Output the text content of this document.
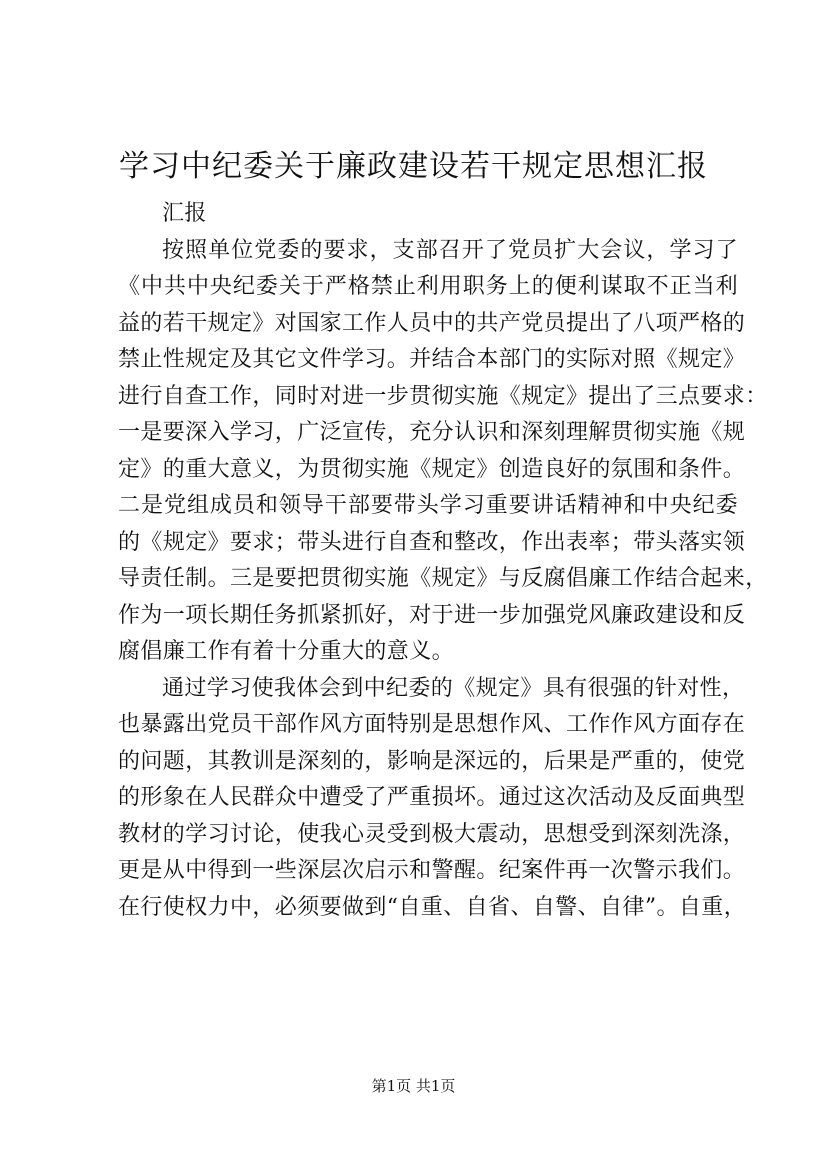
学习中纪委关于廉政建设若干规定思想汇报
汇报
按照单位党委的要求，支部召开了党员扩大会议，学习了
《中共中央纪委关于严格禁止利用职务上的便利谋取不正当利
益的若干规定》对国家工作人员中的共产党员提出了八项严格的
禁止性规定及其它文件学习。并结合本部门的实际对照《规定》
进行自查工作，同时对进一步贯彻实施《规定》提出了三点要求：
一是要深入学习，广泛宣传，充分认识和深刻理解贯彻实施《规
定》的重大意义，为贯彻实施《规定》创造良好的氛围和条件。
二是党组成员和领导干部要带头学习重要讲话精神和中央纪委
的《规定》要求；带头进行自查和整改，作出表率；带头落实领
导责任制。三是要把贯彻实施《规定》与反腐倡廉工作结合起来，
作为一项长期任务抓紧抓好，对于进一步加强党风廉政建设和反
腐倡廉工作有着十分重大的意义。
通过学习使我体会到中纪委的《规定》具有很强的针对性，
也暴露出党员干部作风方面特别是思想作风、工作作风方面存在
的问题，其教训是深刻的，影响是深远的，后果是严重的，使党
的形象在人民群众中遭受了严重损坏。通过这次活动及反面典型
教材的学习讨论，使我心灵受到极大震动，思想受到深刻洗涤，
更是从中得到一些深层次启示和警醒。纪案件再一次警示我们。
在行使权力中，必须要做到“自重、自省、自警、自律”。自重，
第1页 共1页
